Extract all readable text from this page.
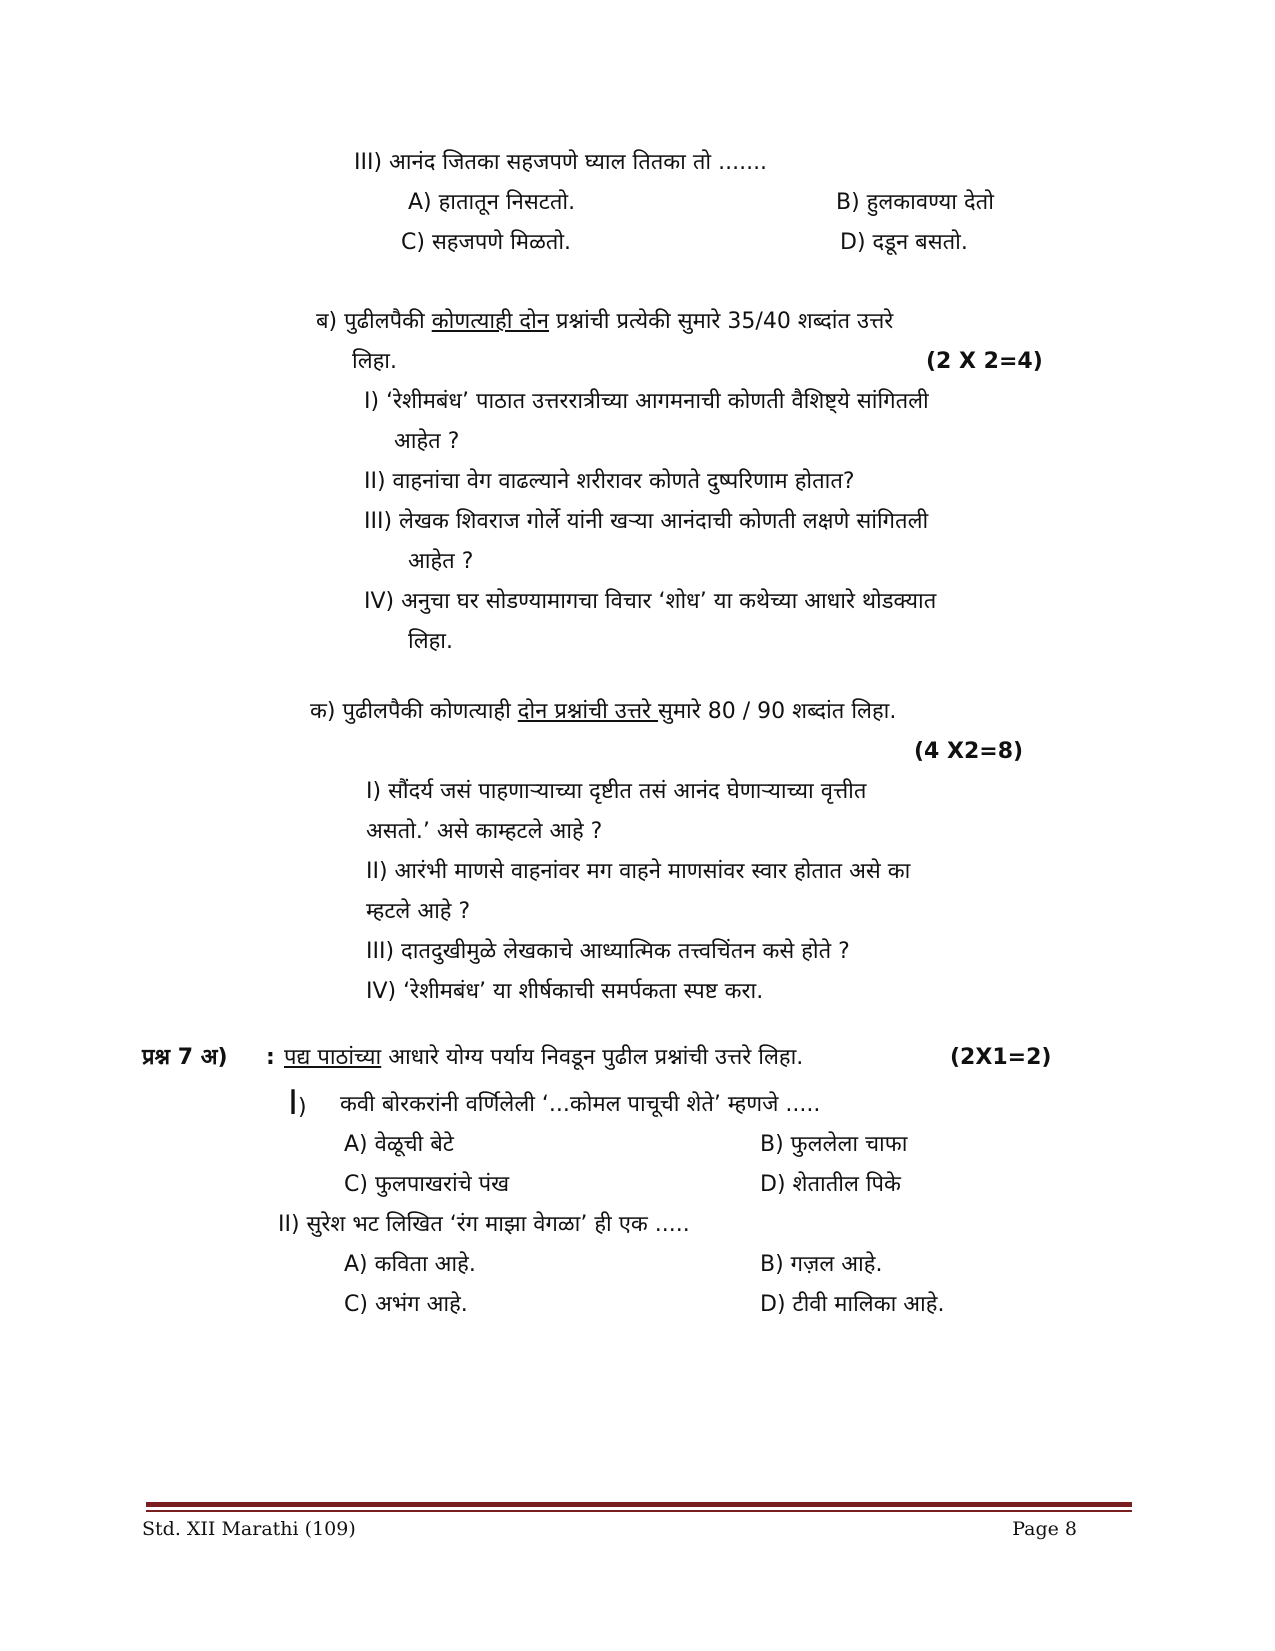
III) आनंद जितका सहजपणे घ्याल तितका तो .......
A) हातातून निसटतो.	B) हुलकावण्या देतो
C) सहजपणे मिळतो.	D) दडून बसतो.
ब) पुढीलपैकी कोणत्याही दोन प्रश्नांची प्रत्येकी सुमारे 35/40 शब्दांत उत्तरे
लिहा.	(2 X 2=4)
I) ‘रेशीमबंध’ पाठात उत्तररात्रीच्या आगमनाची कोणती वैशिष्ट्ये सांगितली
आहेत ?
II) वाहनांचा वेग वाढल्याने शरीरावर कोणते दुष्परिणाम होतात?
III) लेखक शिवराज गोर्ले यांनी खऱ्या आनंदाची कोणती लक्षणे सांगितली
आहेत ?
IV) अनुचा घर सोडण्यामागचा विचार ‘शोध’ या कथेच्या आधारे थोडक्यात
लिहा.
क) पुढीलपैकी कोणत्याही दोन प्रश्नांची उत्तरे सुमारे 80 / 90 शब्दांत लिहा.
(4 X2=8)
I) सौंदर्य जसं पाहणाऱ्याच्या दृष्टीत तसं आनंद घेणाऱ्याच्या वृत्तीत
असतो.’ असे काम्हटले आहे ?
II) आरंभी माणसे वाहनांवर मग वाहने माणसांवर स्वार होतात असे का
म्हटले आहे ?
III) दातदुखीमुळे लेखकाचे आध्यात्मिक तत्त्वचिंतन कसे होते ?
IV) ‘रेशीमबंध’ या शीर्षकाची समर्पकता स्पष्ट करा.
प्रश्न 7 अ) : पद्य पाठांच्या आधारे योग्य पर्याय निवडून पुढील प्रश्नांची उत्तरे लिहा.	(2X1=2)
I) कवी बोरकरांनी वर्णिलेली ‘...कोमल पाचूची शेते’ म्हणजे .....
A) वेळूची बेटे	B) फुललेला चाफा
C) फुलपाखरांचे पंख	D) शेतातील पिके
II) सुरेश भट लिखित ‘रंग माझा वेगळा’ ही एक .....
A) कविता आहे.	B) गज़ल आहे.
C) अभंग आहे.	D) टीवी मालिका आहे.
Std. XII Marathi (109)	Page 8
